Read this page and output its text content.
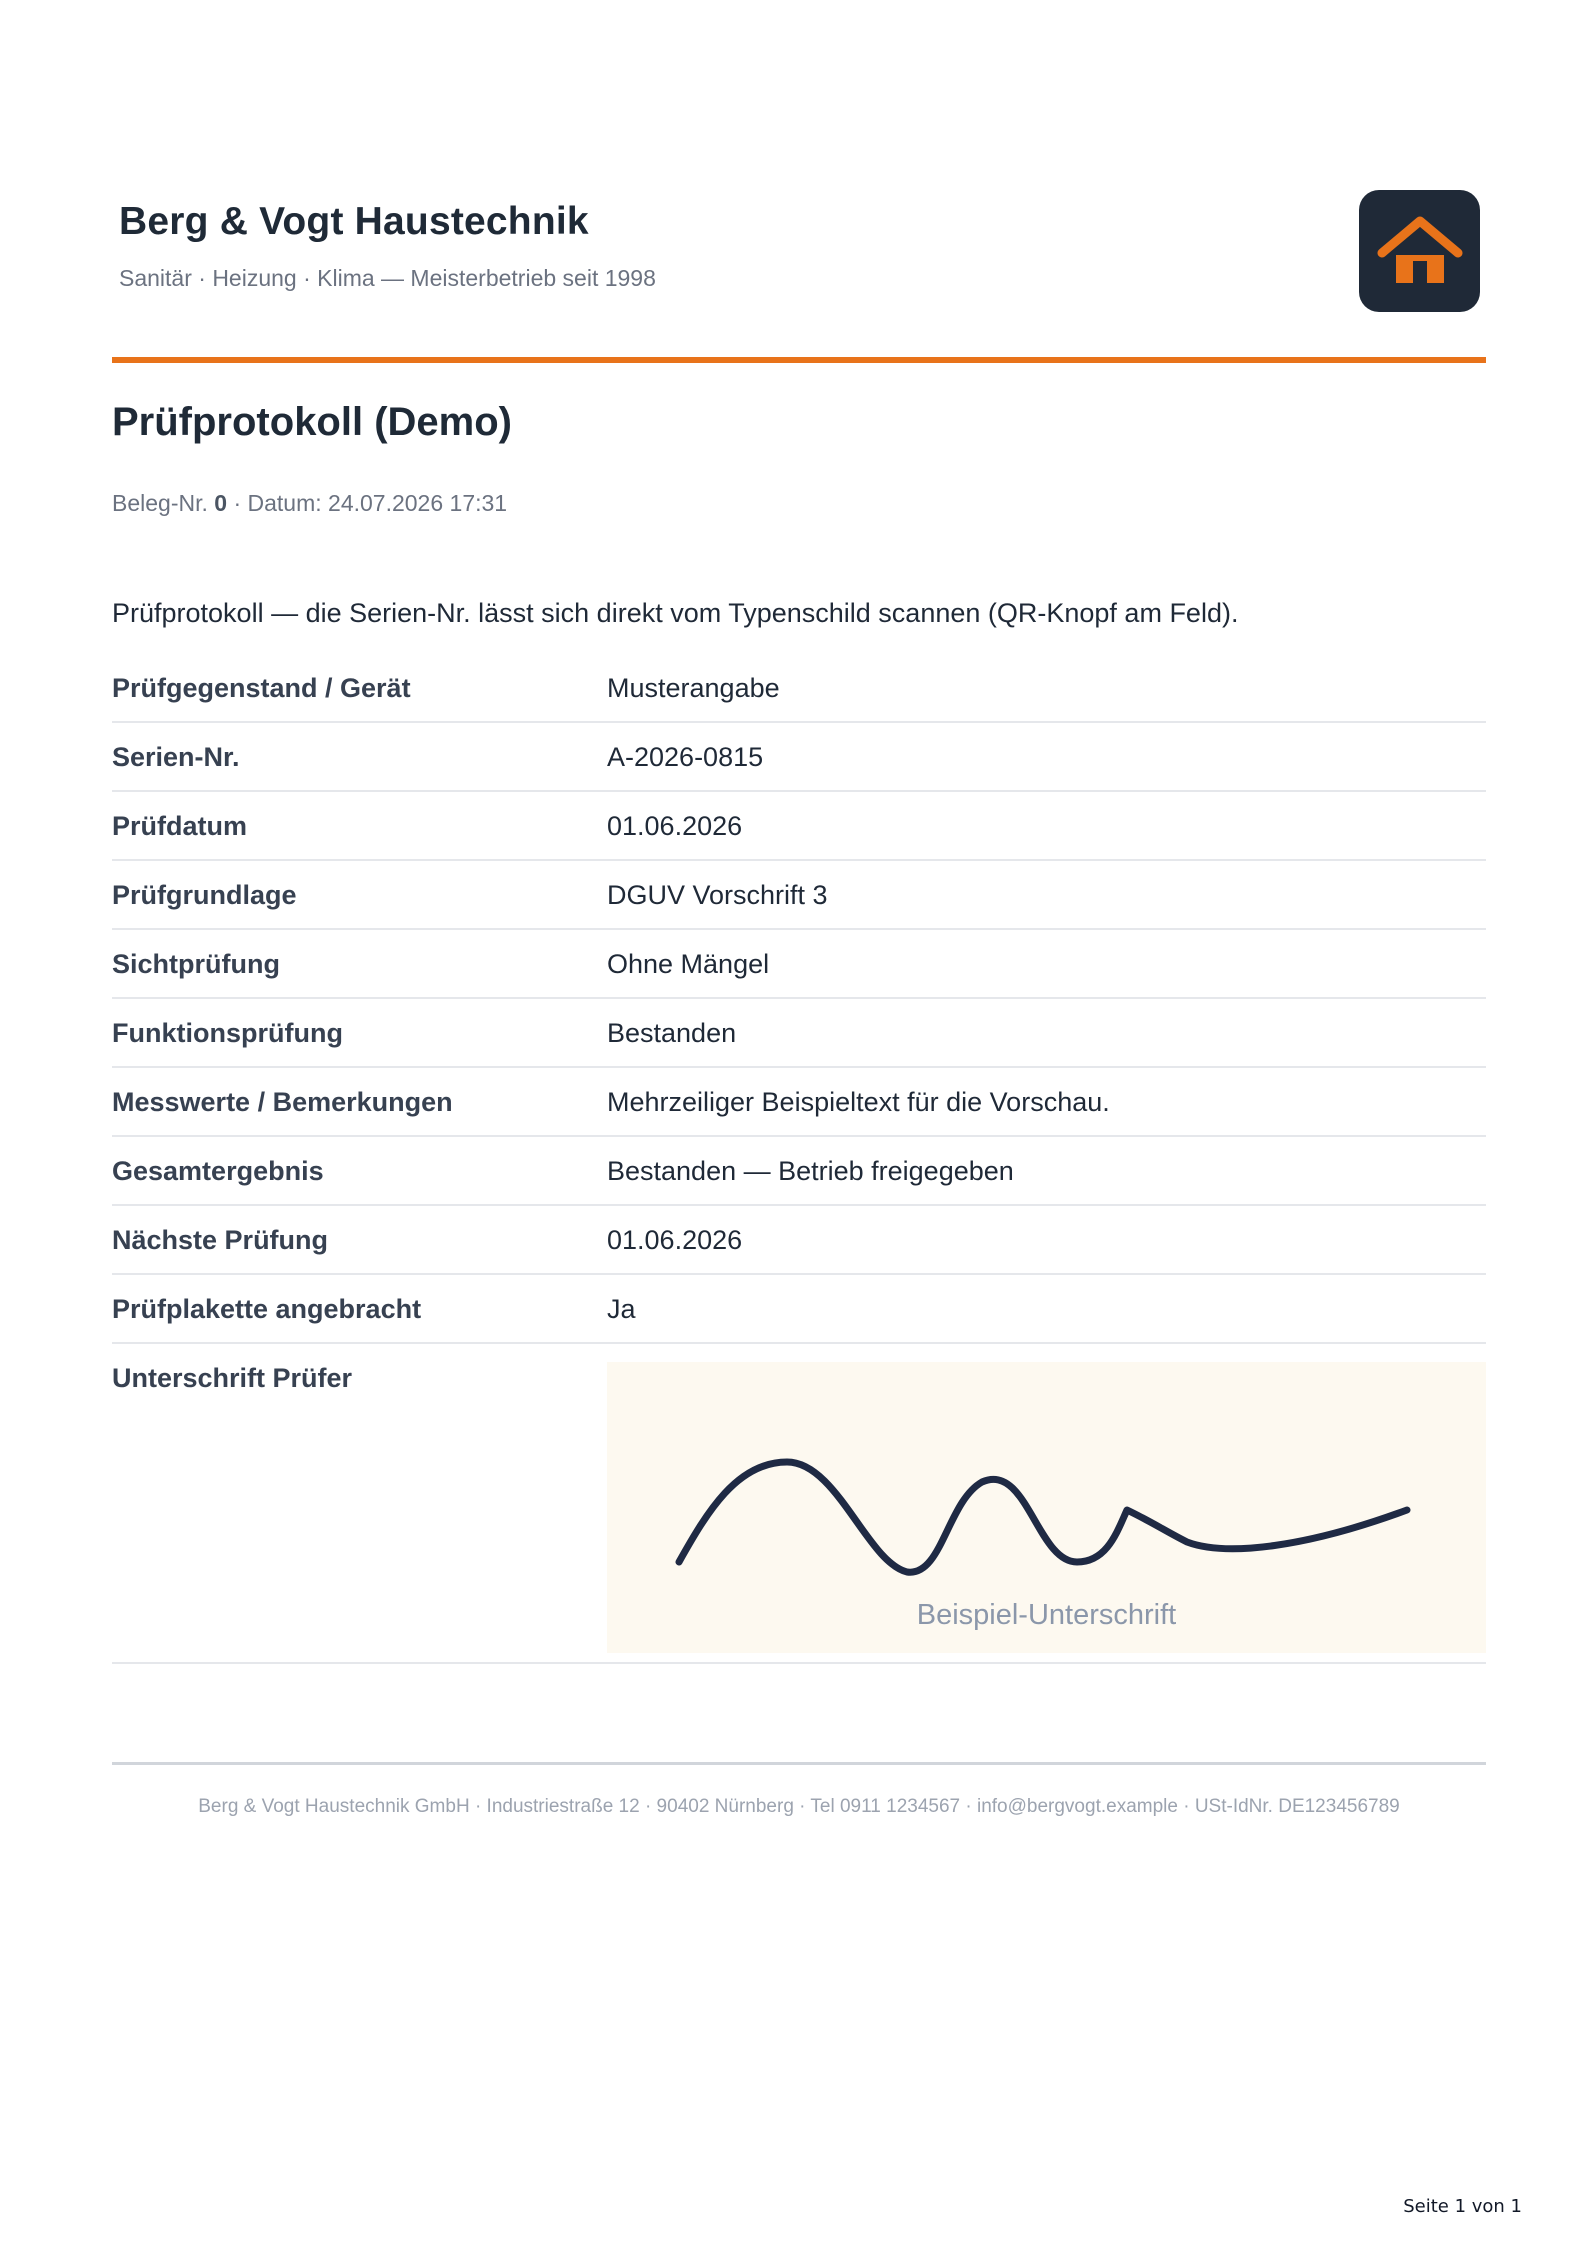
Berg & Vogt Haustechnik
Sanitär · Heizung · Klima — Meisterbetrieb seit 1998
Prüfprotokoll (Demo)
Beleg-Nr. 0 · Datum: 24.07.2026 17:31
Prüfprotokoll — die Serien-Nr. lässt sich direkt vom Typenschild scannen (QR-Knopf am Feld).
Prüfgegenstand / Gerät	Musterangabe
Serien-Nr.	A-2026-0815
Prüfdatum	01.06.2026
Prüfgrundlage	DGUV Vorschrift 3
Sichtprüfung	Ohne Mängel
Funktionsprüfung	Bestanden
Messwerte / Bemerkungen	Mehrzeiliger Beispieltext für die Vorschau.
Gesamtergebnis	Bestanden — Betrieb freigegeben
Nächste Prüfung	01.06.2026
Prüfplakette angebracht	Ja
Unterschrift Prüfer
Beispiel-Unterschrift
Berg & Vogt Haustechnik GmbH · Industriestraße 12 · 90402 Nürnberg · Tel 0911 1234567 · info@bergvogt.example · USt-IdNr. DE123456789
Seite 1 von 1
